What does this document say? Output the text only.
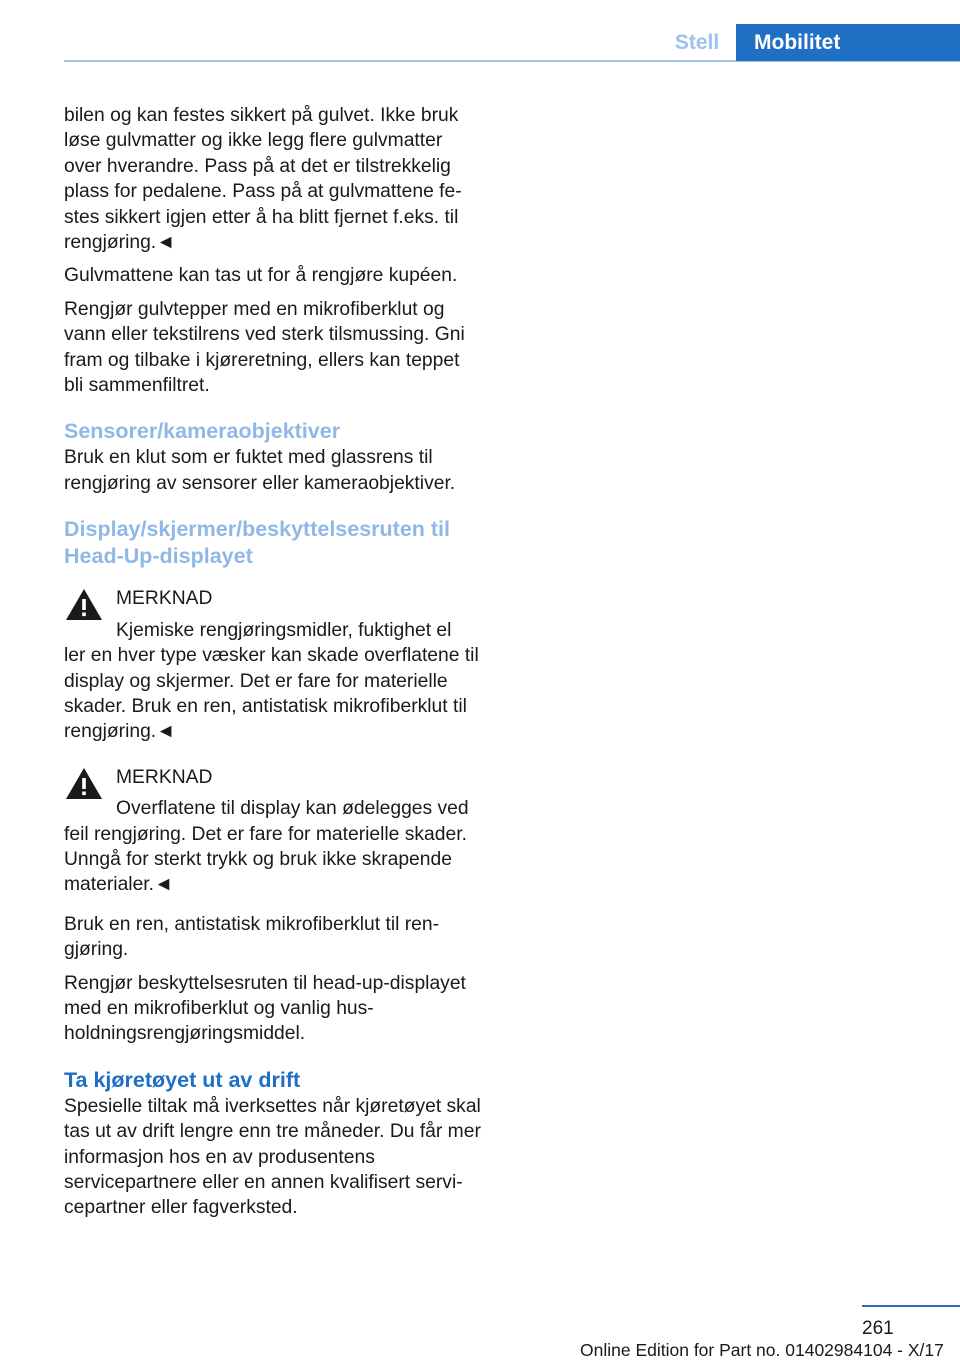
Stell	Mobilitet

bilen og kan festes sikkert på gulvet. Ikke bruk løse gulvmatter og ikke legg flere gulvmatter over hverandre. Pass på at det er tilstrekkelig plass for pedalene. Pass på at gulvmattene festes sikkert igjen etter å ha blitt fjernet f.eks. til rengjøring.◄

Gulvmattene kan tas ut for å rengjøre kupéen.

Rengjør gulvtepper med en mikrofiberklut og vann eller tekstilrens ved sterk tilsmussing. Gni fram og tilbake i kjøreretning, ellers kan teppet bli sammenfiltret.

Sensorer/kameraobjektiver

Bruk en klut som er fuktet med glassrens til rengjøring av sensorer eller kameraobjektiver.

Display/skjermer/beskyttelsesruten til Head-Up-displayet
MERKNAD

Kjemiske rengjøringsmidler, fuktighet el

ler en hver type væsker kan skade overflatene til display og skjermer. Det er fare for materielle skader. Bruk en ren, antistatisk mikrofiberklut til rengjøring.◄

MERKNAD

Overflatene til display kan ødelegges ved

feil rengjøring. Det er fare for materielle skader. Unngå for sterkt trykk og bruk ikke skrapende materialer.◄

Bruk en ren, antistatisk mikrofiberklut til rengjøring.

Rengjør beskyttelsesruten til head-up-displayet med en mikrofiberklut og vanlig husholdningsrengjøringsmiddel.

Ta kjøretøyet ut av drift

Spesielle tiltak må iverksettes når kjøretøyet skal tas ut av drift lengre enn tre måneder. Du får mer informasjon hos en av produsentens servicepartnere eller en annen kvalifisert servicepartner eller fagverksted.

261
Online Edition for Part no. 01402984104 - X/17
